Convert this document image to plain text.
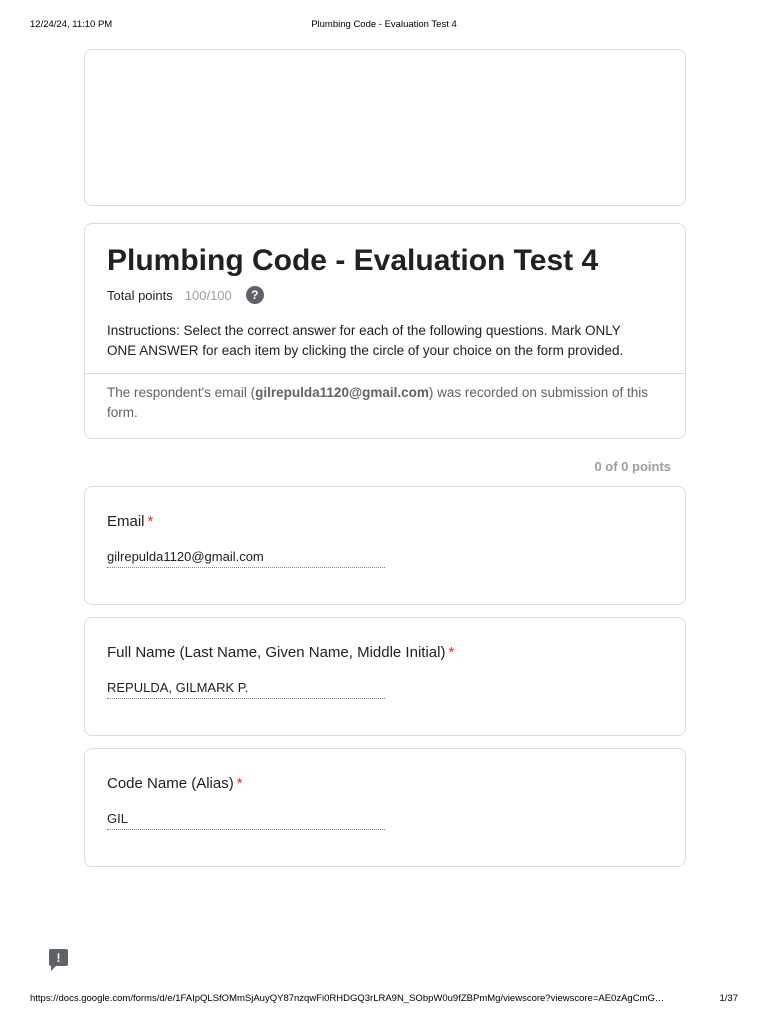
12/24/24, 11:10 PM	Plumbing Code - Evaluation Test 4
Plumbing Code - Evaluation Test 4
Total points 100/100	?
Instructions: Select the correct answer for each of the following questions. Mark ONLY ONE ANSWER for each item by clicking the circle of your choice on the form provided.
The respondent's email (gilrepulda1120@gmail.com) was recorded on submission of this form.
0 of 0 points
Email *
gilrepulda1120@gmail.com
Full Name (Last Name, Given Name, Middle Initial) *
REPULDA, GILMARK P.
Code Name (Alias) *
GIL
!
https://docs.google.com/forms/d/e/1FAIpQLSfOMmSjAuyQY87nzqwFi0RHDGQ3rLRA9N_SObpW0u9fZBPmMg/viewscore?viewscore=AE0zAgCmG…	1/37
